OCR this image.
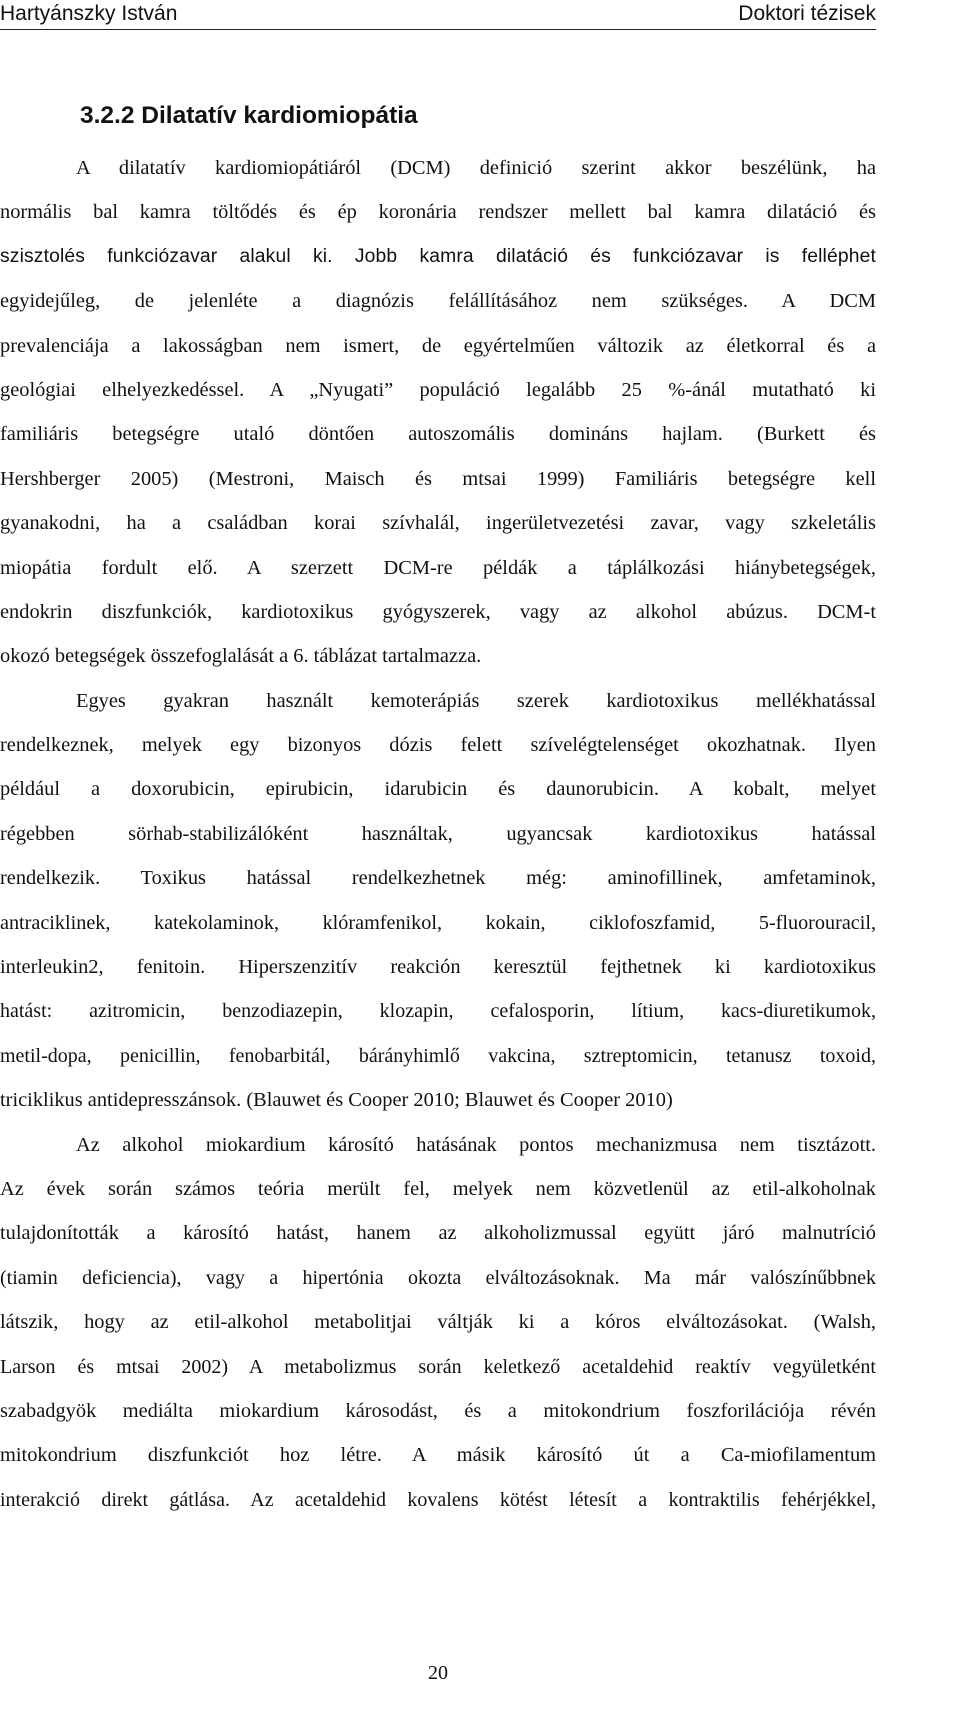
Hartyánszky István	Doktori tézisek
3.2.2 Dilatatív kardiomiopátia
A dilatatív kardiomiopátiáról (DCM) definició szerint akkor beszélünk, ha
normális bal kamra töltődés és ép koronária rendszer mellett bal kamra dilatáció és
szisztolés funkciózavar alakul ki. Jobb kamra dilatáció és funkciózavar is felléphet
egyidejűleg, de jelenléte a diagnózis felállításához nem szükséges. A DCM
prevalenciája a lakosságban nem ismert, de egyértelműen változik az életkorral és a
geológiai elhelyezkedéssel. A „Nyugati” populáció legalább 25 %-ánál mutatható ki
familiáris betegségre utaló döntően autoszomális domináns hajlam. (Burkett és
Hershberger 2005) (Mestroni, Maisch és mtsai 1999) Familiáris betegségre kell
gyanakodni, ha a családban korai szívhalál, ingerületvezetési zavar, vagy szkeletális
miopátia fordult elő. A szerzett DCM-re példák a táplálkozási hiánybetegségek,
endokrin diszfunkciók, kardiotoxikus gyógyszerek, vagy az alkohol abúzus. DCM-t
okozó betegségek összefoglalását a 6. táblázat tartalmazza.
Egyes gyakran használt kemoterápiás szerek kardiotoxikus mellékhatással
rendelkeznek, melyek egy bizonyos dózis felett szívelégtelenséget okozhatnak. Ilyen
például a doxorubicin, epirubicin, idarubicin és daunorubicin. A kobalt, melyet
régebben sörhab-stabilizálóként használtak, ugyancsak kardiotoxikus hatással
rendelkezik. Toxikus hatással rendelkezhetnek még: aminofillinek, amfetaminok,
antraciklinek, katekolaminok, klóramfenikol, kokain, ciklofoszfamid, 5-fluorouracil,
interleukin2, fenitoin. Hiperszenzitív reakción keresztül fejthetnek ki kardiotoxikus
hatást: azitromicin, benzodiazepin, klozapin, cefalosporin, lítium, kacs-diuretikumok,
metil-dopa, penicillin, fenobarbitál, bárányhimlő vakcina, sztreptomicin, tetanusz toxoid,
triciklikus antidepresszánsok. (Blauwet és Cooper 2010; Blauwet és Cooper 2010)
Az alkohol miokardium károsító hatásának pontos mechanizmusa nem tisztázott.
Az évek során számos teória merült fel, melyek nem közvetlenül az etil-alkoholnak
tulajdonították a károsító hatást, hanem az alkoholizmussal együtt járó malnutríció
(tiamin deficiencia), vagy a hipertónia okozta elváltozásoknak. Ma már valószínűbbnek
látszik, hogy az etil-alkohol metabolitjai váltják ki a kóros elváltozásokat. (Walsh,
Larson és mtsai 2002) A metabolizmus során keletkező acetaldehid reaktív vegyületként
szabadgyök mediálta miokardium károsodást, és a mitokondrium foszforilációja révén
mitokondrium diszfunkciót hoz létre. A másik károsító út a Ca-miofilamentum
interakció direkt gátlása. Az acetaldehid kovalens kötést létesít a kontraktilis fehérjékkel,
20
